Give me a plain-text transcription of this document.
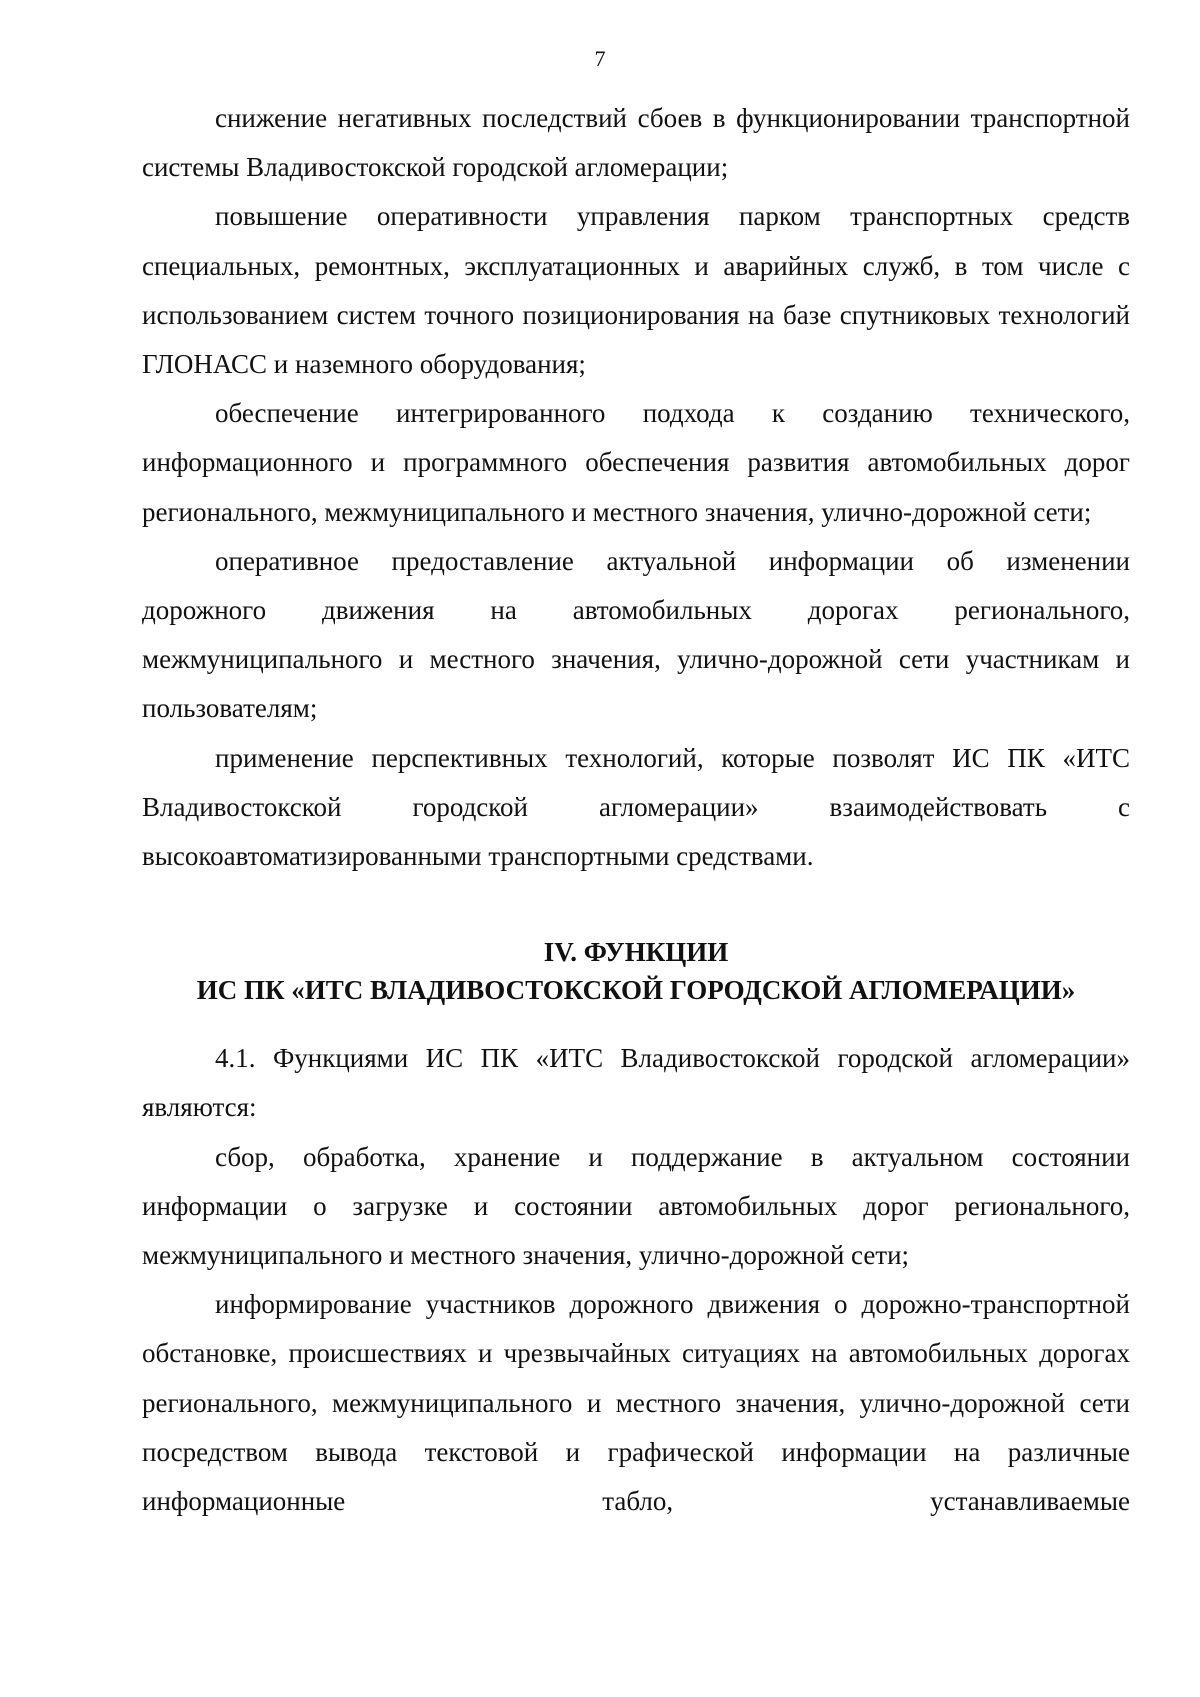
7

снижение негативных последствий сбоев в функционировании транспортной системы Владивостокской городской агломерации;

повышение оперативности управления парком транспортных средств специальных, ремонтных, эксплуатационных и аварийных служб, в том числе с использованием систем точного позиционирования на базе спутниковых технологий ГЛОНАСС и наземного оборудования;

обеспечение интегрированного подхода к созданию технического, информационного и программного обеспечения развития автомобильных дорог регионального, межмуниципального и местного значения, улично-дорожной сети;

оперативное предоставление актуальной информации об изменении дорожного движения на автомобильных дорогах регионального, межмуниципального и местного значения, улично-дорожной сети участникам и пользователям;

применение перспективных технологий, которые позволят ИС ПК «ИТС Владивостокской городской агломерации» взаимодействовать с высокоавтоматизированными транспортными средствами.

IV. ФУНКЦИИ
ИС ПК «ИТС ВЛАДИВОСТОКСКОЙ ГОРОДСКОЙ АГЛОМЕРАЦИИ»

4.1. Функциями ИС ПК «ИТС Владивостокской городской агломерации» являются:

сбор, обработка, хранение и поддержание в актуальном состоянии информации о загрузке и состоянии автомобильных дорог регионального, межмуниципального и местного значения, улично-дорожной сети;

информирование участников дорожного движения о дорожно-транспортной обстановке, происшествиях и чрезвычайных ситуациях на автомобильных дорогах регионального, межмуниципального и местного значения, улично-дорожной сети посредством вывода текстовой и графической информации на различные информационные табло, устанавливаемые
